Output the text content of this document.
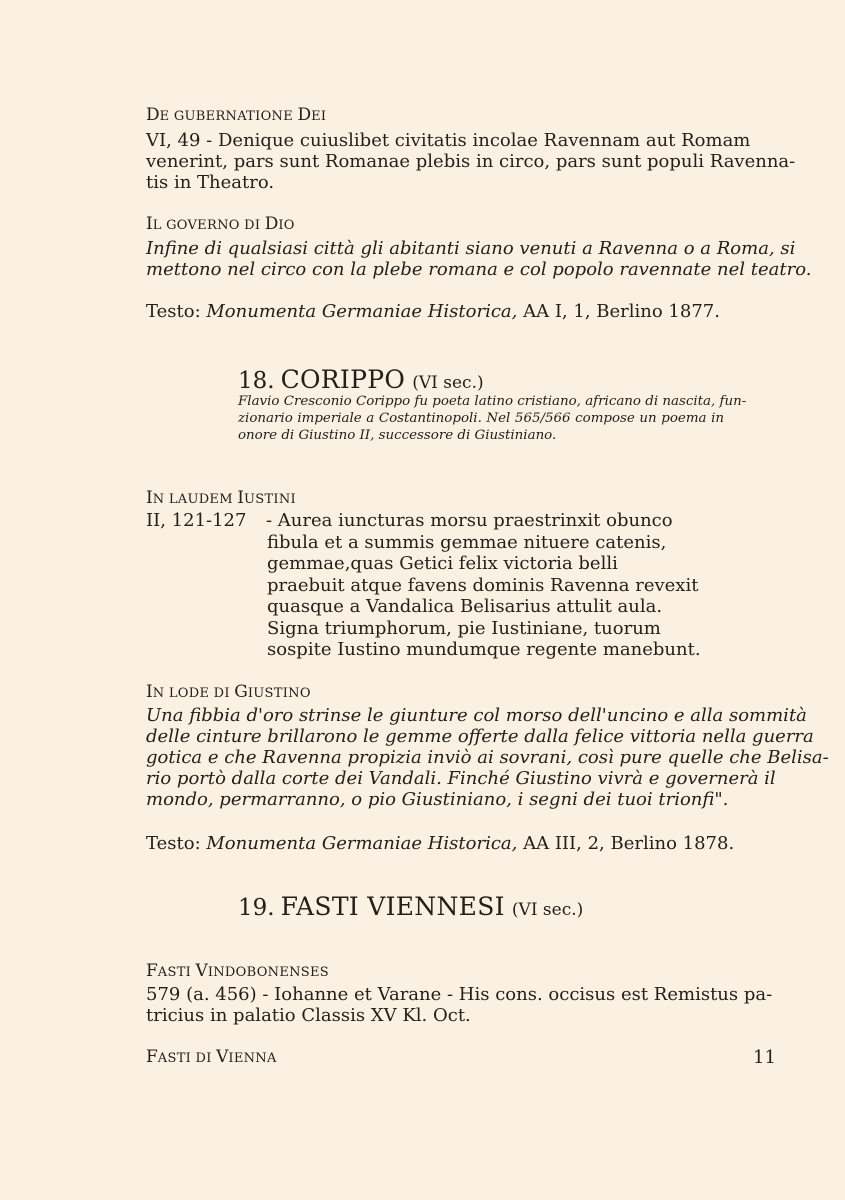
DE GUBERNATIONE DEI
VI, 49 - Denique cuiuslibet civitatis incolae Ravennam aut Romam
venerint, pars sunt Romanae plebis in circo, pars sunt populi Ravenna-
tis in Theatro.
IL GOVERNO DI DIO
Infine di qualsiasi città gli abitanti siano venuti a Ravenna o a Roma, si
mettono nel circo con la plebe romana e col popolo ravennate nel teatro.
Testo: Monumenta Germaniae Historica, AA I, 1, Berlino 1877.
18. CORIPPO (VI sec.)
Flavio Cresconio Corippo fu poeta latino cristiano, africano di nascita, fun-
zionario imperiale a Costantinopoli. Nel 565/566 compose un poema in
onore di Giustino II, successore di Giustiniano.
IN LAUDEM IUSTINI
II, 121-127 - Aurea iuncturas morsu praestrinxit obunco
fibula et a summis gemmae nituere catenis,
gemmae,quas Getici felix victoria belli
praebuit atque favens dominis Ravenna revexit
quasque a Vandalica Belisarius attulit aula.
Signa triumphorum, pie Iustiniane, tuorum
sospite Iustino mundumque regente manebunt.
IN LODE DI GIUSTINO
Una fibbia d'oro strinse le giunture col morso dell'uncino e alla sommità
delle cinture brillarono le gemme offerte dalla felice vittoria nella guerra
gotica e che Ravenna propizia inviò ai sovrani, così pure quelle che Belisa-
rio portò dalla corte dei Vandali. Finché Giustino vivrà e governerà il
mondo, permarranno, o pio Giustiniano, i segni dei tuoi trionfi".
Testo: Monumenta Germaniae Historica, AA III, 2, Berlino 1878.
19. FASTI VIENNESI (VI sec.)
FASTI VINDOBONENSES
579 (a. 456) - Iohanne et Varane - His cons. occisus est Remistus pa-
tricius in palatio Classis XV Kl. Oct.
FASTI DI VIENNA	11
